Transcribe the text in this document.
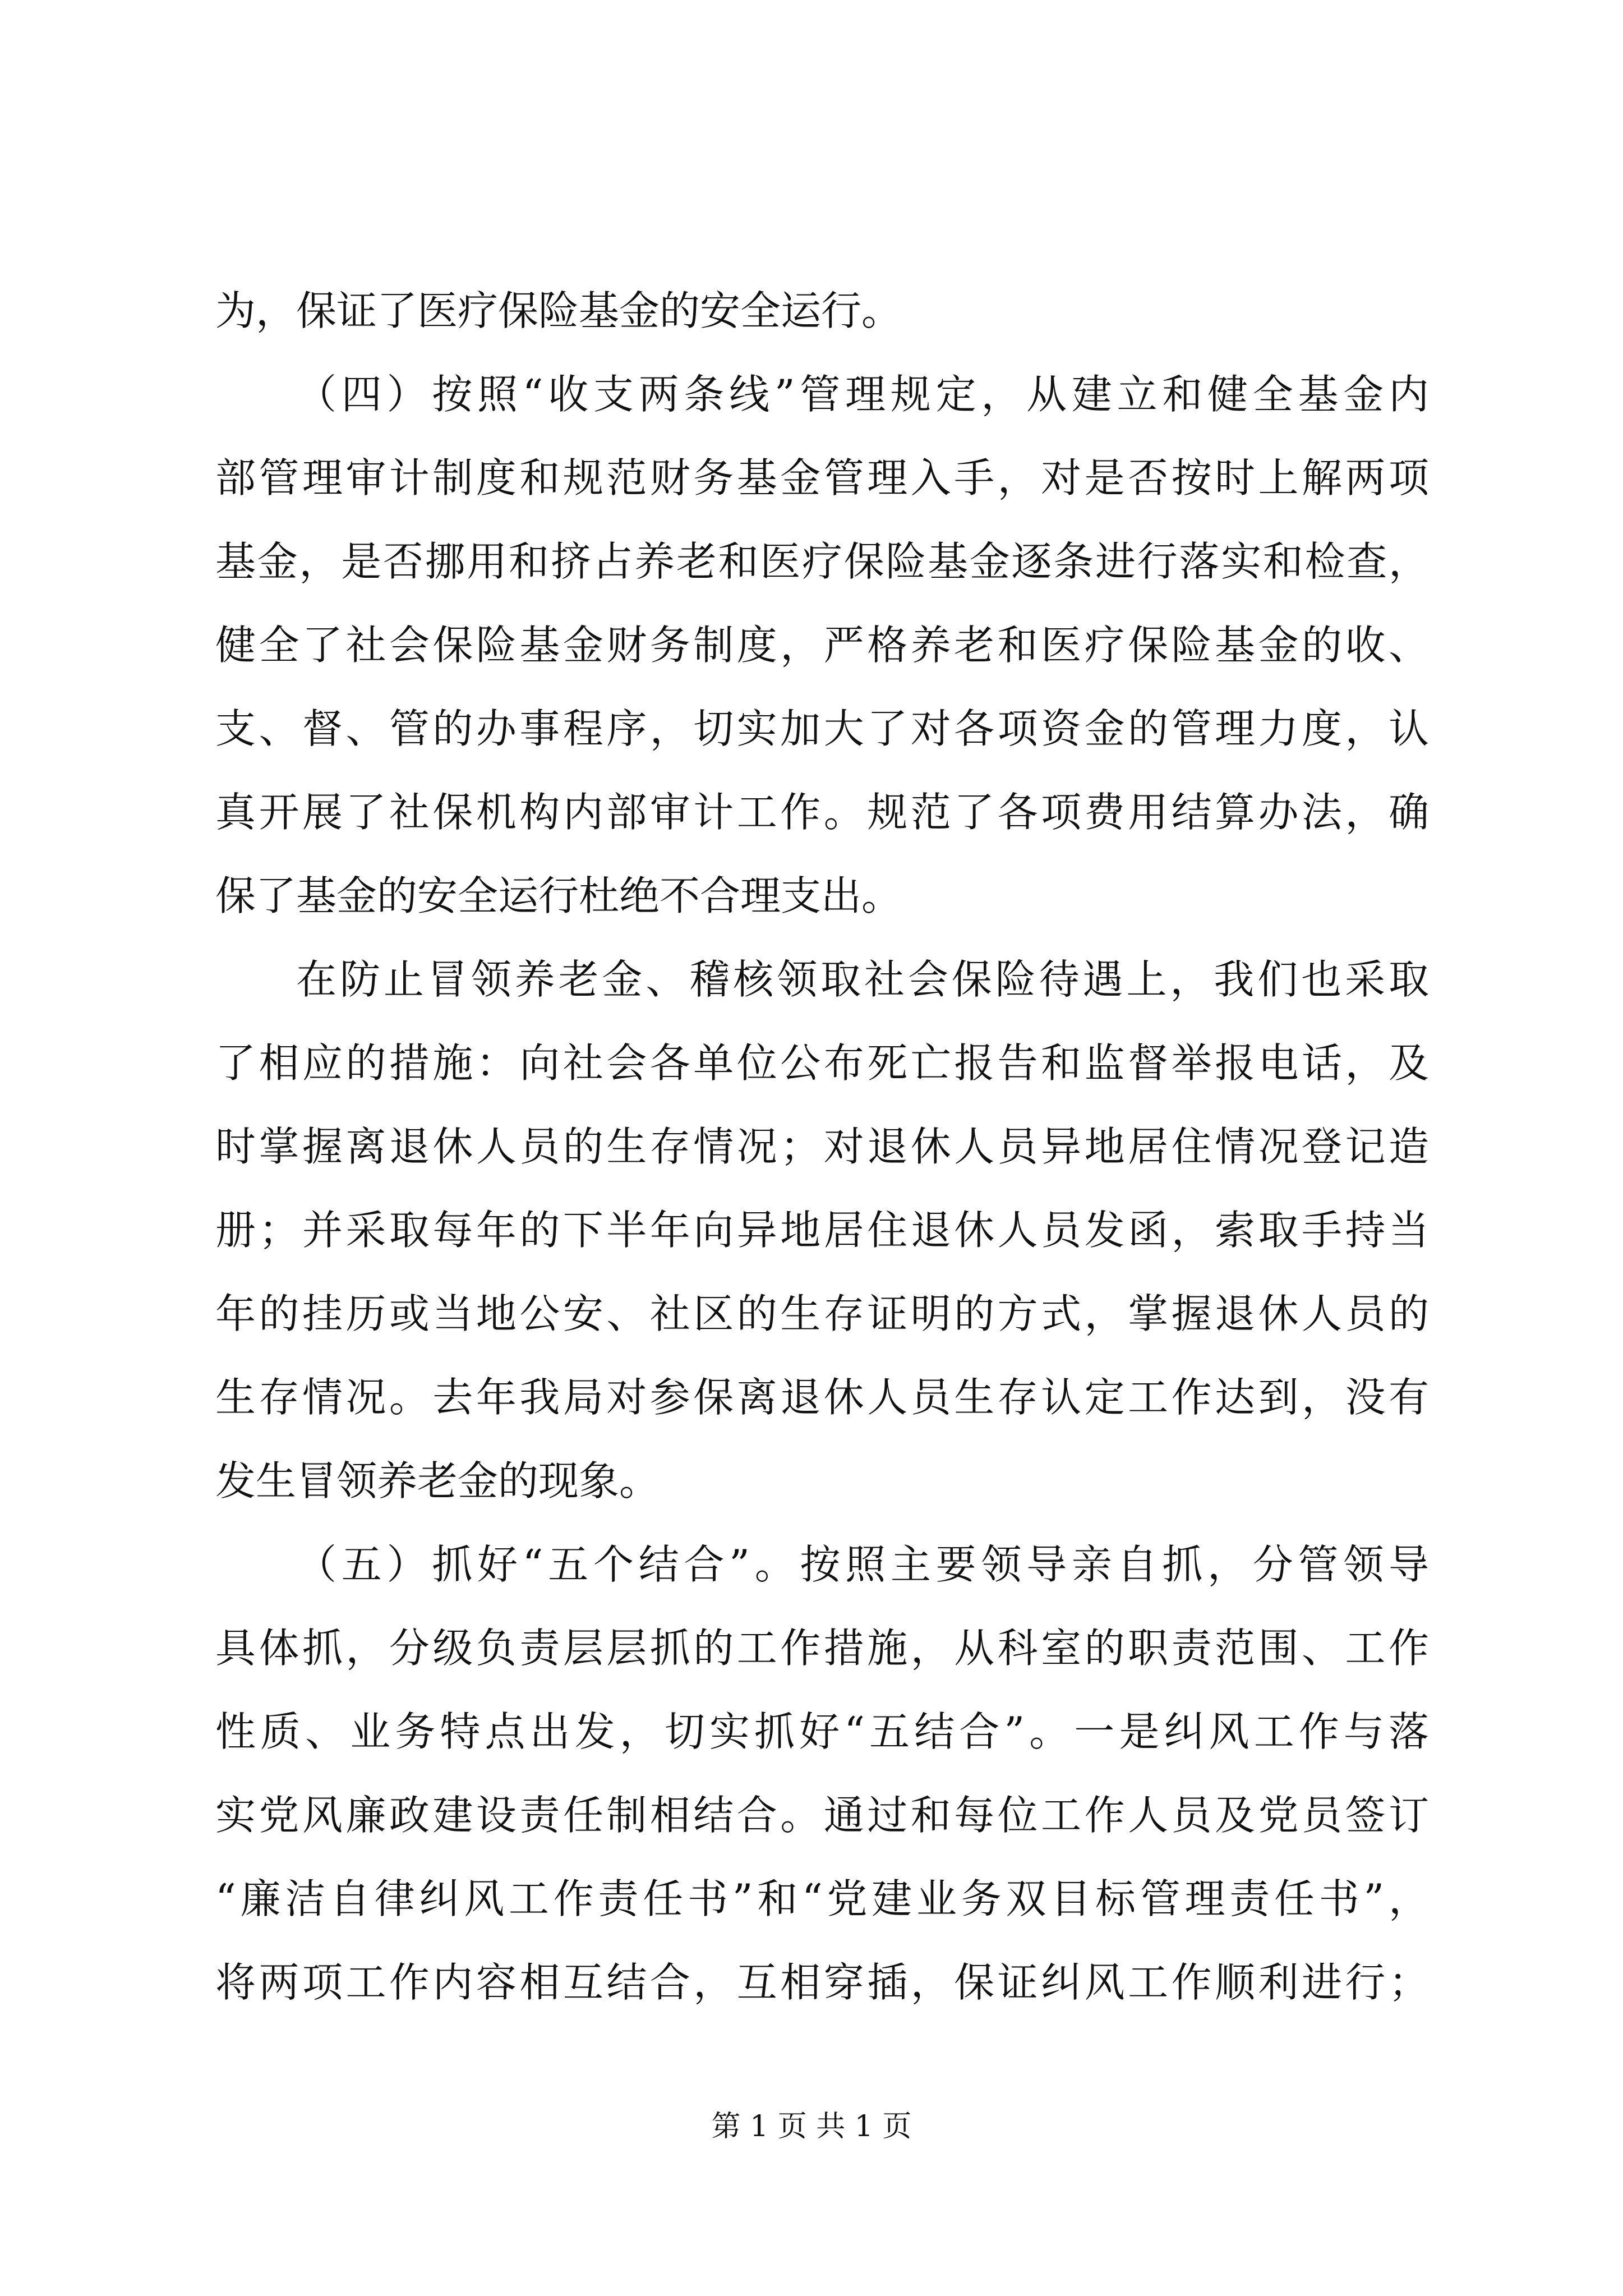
为，保证了医疗保险基金的安全运行。
（四）按照“收支两条线”管理规定，从建立和健全基金内
部管理审计制度和规范财务基金管理入手，对是否按时上解两项
基金，是否挪用和挤占养老和医疗保险基金逐条进行落实和检查，
健全了社会保险基金财务制度，严格养老和医疗保险基金的收、
支、督、管的办事程序，切实加大了对各项资金的管理力度，认
真开展了社保机构内部审计工作。规范了各项费用结算办法，确
保了基金的安全运行杜绝不合理支出。
在防止冒领养老金、稽核领取社会保险待遇上，我们也采取
了相应的措施：向社会各单位公布死亡报告和监督举报电话，及
时掌握离退休人员的生存情况；对退休人员异地居住情况登记造
册；并采取每年的下半年向异地居住退休人员发函，索取手持当
年的挂历或当地公安、社区的生存证明的方式，掌握退休人员的
生存情况。去年我局对参保离退休人员生存认定工作达到，没有
发生冒领养老金的现象。
（五）抓好“五个结合”。按照主要领导亲自抓，分管领导
具体抓，分级负责层层抓的工作措施，从科室的职责范围、工作
性质、业务特点出发，切实抓好“五结合”。一是纠风工作与落
实党风廉政建设责任制相结合。通过和每位工作人员及党员签订
“廉洁自律纠风工作责任书”和“党建业务双目标管理责任书”，
将两项工作内容相互结合，互相穿插，保证纠风工作顺利进行；
第 1 页 共 1 页
